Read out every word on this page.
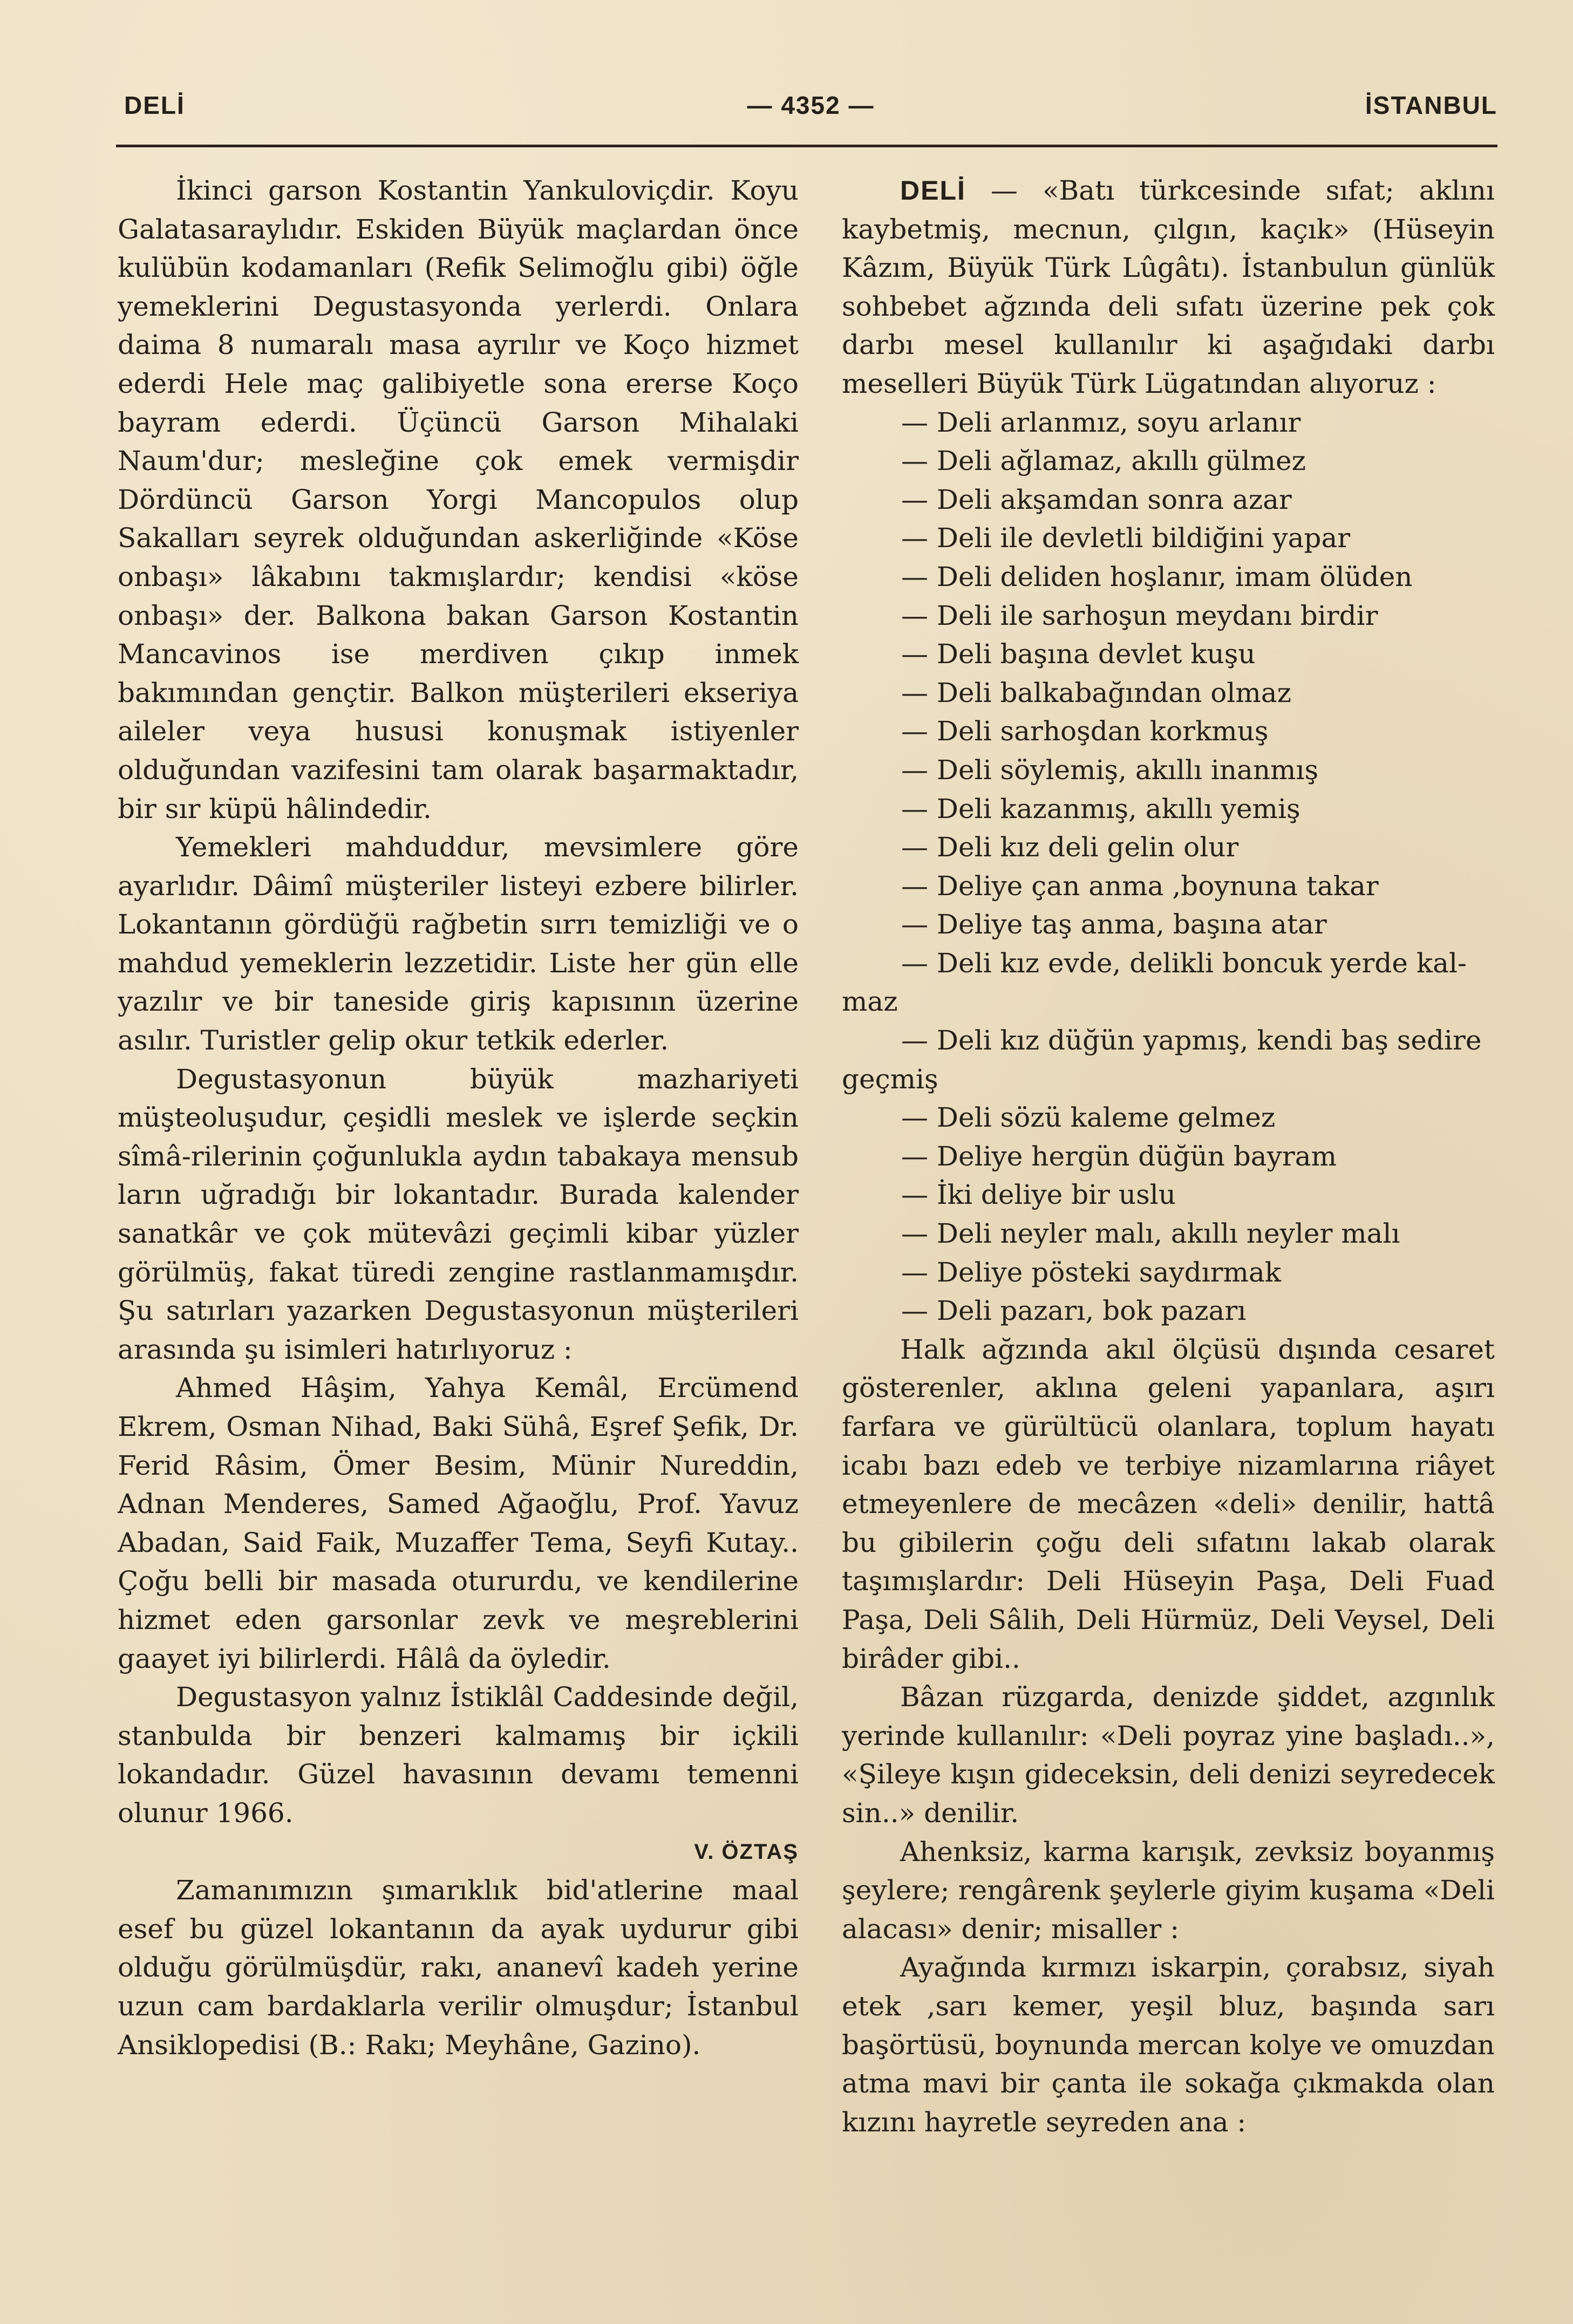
DELİ	— 4352 —	İSTANBUL

İkinci garson Kostantin Yankuloviçdir. Koyu Galatasaraylıdır. Eskiden Büyük maçlardan önce kulübün kodamanları (Refik Selimoğlu gibi) öğle yemeklerini Degustasyonda yerlerdi. Onlara daima 8 numaralı masa ayrılır ve Koço hizmet ederdi Hele maç galibiyetle sona ererse Koço bayram ederdi. Üçüncü Garson Mihalaki Naum'dur; mesleğine çok emek vermişdir Dördüncü Garson Yorgi Mancopulos olup Sakalları seyrek olduğundan askerliğinde «Köse onbaşı» lâkabını takmışlardır; kendisi «köse onbaşı» der. Balkona bakan Garson Kostantin Mancavinos ise merdiven çıkıp inmek bakımından gençtir. Balkon müşterileri ekseriya aileler veya hususi konuşmak istiyenler olduğundan vazifesini tam olarak başarmaktadır, bir sır küpü hâlindedir.

Yemekleri mahduddur, mevsimlere göre ayarlıdır. Dâimî müşteriler listeyi ezbere bilirler. Lokantanın gördüğü rağbetin sırrı temizliği ve o mahdud yemeklerin lezzetidir. Liste her gün elle yazılır ve bir taneside giriş kapısının üzerine asılır. Turistler gelip okur tetkik ederler.

Degustasyonun büyük mazhariyeti müşteoluşudur, çeşidli meslek ve işlerde seçkin sîmâ-rilerinin çoğunlukla aydın tabakaya mensub ların uğradığı bir lokantadır. Burada kalender sanatkâr ve çok mütevâzi geçimli kibar yüzler görülmüş, fakat türedi zengine rastlanmamışdır. Şu satırları yazarken Degustasyonun müşterileri arasında şu isimleri hatırlıyoruz :

Ahmed Hâşim, Yahya Kemâl, Ercümend Ekrem, Osman Nihad, Baki Sühâ, Eşref Şefik, Dr. Ferid Râsim, Ömer Besim, Münir Nureddin, Adnan Menderes, Samed Ağaoğlu, Prof. Yavuz Abadan, Said Faik, Muzaffer Tema, Seyfi Kutay.. Çoğu belli bir masada otururdu, ve kendilerine hizmet eden garsonlar zevk ve meşreblerini gaayet iyi bilirlerdi. Hâlâ da öyledir.

Degustasyon yalnız İstiklâl Caddesinde değil, stanbulda bir benzeri kalmamış bir içkili lokandadır. Güzel havasının devamı temenni olunur 1966.

V. ÖZTAŞ

Zamanımızın şımarıklık bid'atlerine maal esef bu güzel lokantanın da ayak uydurur gibi olduğu görülmüşdür, rakı, ananevî kadeh yerine uzun cam bardaklarla verilir olmuşdur; İstanbul Ansiklopedisi (B.: Rakı; Meyhâne, Gazino).

DELİ — «Batı türkcesinde sıfat; aklını kaybetmiş, mecnun, çılgın, kaçık» (Hüseyin Kâzım, Büyük Türk Lûgâtı). İstanbulun günlük sohbebet ağzında deli sıfatı üzerine pek çok darbı mesel kullanılır ki aşağıdaki darbı meselleri Büyük Türk Lügatından alıyoruz :

— Deli arlanmız, soyu arlanır

— Deli ağlamaz, akıllı gülmez

— Deli akşamdan sonra azar

— Deli ile devletli bildiğini yapar

— Deli deliden hoşlanır, imam ölüden

— Deli ile sarhoşun meydanı birdir

— Deli başına devlet kuşu

— Deli balkabağından olmaz

— Deli sarhoşdan korkmuş

— Deli söylemiş, akıllı inanmış

— Deli kazanmış, akıllı yemiş

— Deli kız deli gelin olur

— Deliye çan anma ,boynuna takar

— Deliye taş anma, başına atar

— Deli kız evde, delikli boncuk yerde kal-

maz

— Deli kız düğün yapmış, kendi baş sedire

geçmiş

— Deli sözü kaleme gelmez

— Deliye hergün düğün bayram

— İki deliye bir uslu

— Deli neyler malı, akıllı neyler malı

— Deliye pösteki saydırmak

— Deli pazarı, bok pazarı

Halk ağzında akıl ölçüsü dışında cesaret gösterenler, aklına geleni yapanlara, aşırı farfara ve gürültücü olanlara, toplum hayatı icabı bazı edeb ve terbiye nizamlarına riâyet etmeyenlere de mecâzen «deli» denilir, hattâ bu gibilerin çoğu deli sıfatını lakab olarak taşımışlardır: Deli Hüseyin Paşa, Deli Fuad Paşa, Deli Sâlih, Deli Hürmüz, Deli Veysel, Deli birâder gibi..

Bâzan rüzgarda, denizde şiddet, azgınlık yerinde kullanılır: «Deli poyraz yine başladı..», «Şileye kışın gideceksin, deli denizi seyredecek sin..» denilir.

Ahenksiz, karma karışık, zevksiz boyanmış şeylere; rengârenk şeylerle giyim kuşama «Deli alacası» denir; misaller :

Ayağında kırmızı iskarpin, çorabsız, siyah etek ,sarı kemer, yeşil bluz, başında sarı başörtüsü, boynunda mercan kolye ve omuzdan atma mavi bir çanta ile sokağa çıkmakda olan kızını hayretle seyreden ana :
